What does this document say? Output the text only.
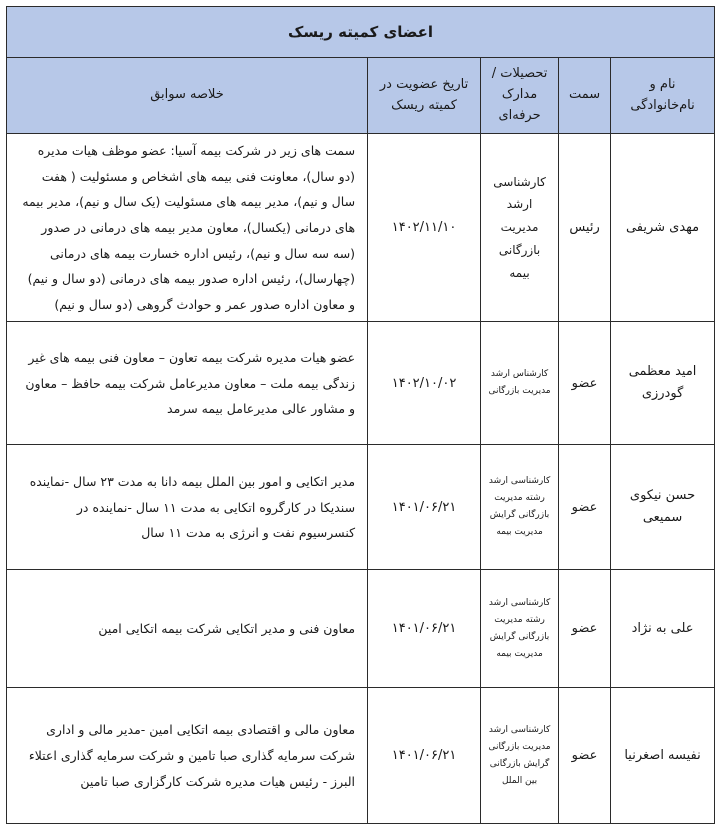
اعضای کمیته ریسک				
نام و نام‌خانوادگی	سمت	تحصیلات / مدارک حرفه‌ای	تاریخ عضویت در کمیته ریسک	خلاصه سوابق
مهدی شریفی	رئیس	کارشناسی ارشد مدیریت بازرگانی بیمه	۱۴۰۲/۱۱/۱۰	سمت های زیر در شرکت بیمه آسیا: عضو موظف هیات مدیره (دو سال)، معاونت فنی بیمه های اشخاص و مسئولیت ( هفت سال و نیم)، مدیر بیمه های مسئولیت (یک سال و نیم)، مدیر بیمه های درمانی (یکسال)، معاون مدیر بیمه های درمانی در صدور (سه سه سال و نیم)، رئیس اداره خسارت بیمه های درمانی (چهارسال)، رئیس اداره صدور بیمه های درمانی (دو سال و نیم) و معاون اداره صدور عمر و حوادث گروهی (دو سال و نیم)
امید معظمی گودرزی	عضو	کارشناس ارشد مدیریت بازرگانی	۱۴۰۲/۱۰/۰۲	عضو هیات مدیره شرکت بیمه تعاون – معاون فنی بیمه های غیر زندگی بیمه ملت – معاون مدیرعامل شرکت بیمه حافظ – معاون و مشاور عالی مدیرعامل بیمه سرمد
حسن نیکوی سمیعی	عضو	کارشناسی ارشد رشته مدیریت بازرگانی گرایش مدیریت بیمه	۱۴۰۱/۰۶/۲۱	مدیر اتکایی و امور بین الملل بیمه دانا به مدت ۲۳ سال -نماینده سندیکا در کارگروه اتکایی به مدت ۱۱ سال -نماینده در کنسرسیوم نفت و انرژی به مدت ۱۱ سال
علی به نژاد	عضو	کارشناسی ارشد رشته مدیریت بازرگانی گرایش مدیریت بیمه	۱۴۰۱/۰۶/۲۱	معاون فنی و مدیر اتکایی شرکت بیمه اتکایی امین
نفیسه اصغرنیا	عضو	کارشناسی ارشد مدیریت بازرگانی گرایش بازرگانی بین الملل	۱۴۰۱/۰۶/۲۱	معاون مالی و اقتصادی بیمه اتکایی امین -مدیر مالی و اداری شرکت سرمایه گذاری صبا تامین و شرکت سرمایه گذاری اعتلاء البرز - رئیس هیات مدیره شرکت کارگزاری صبا تامین
